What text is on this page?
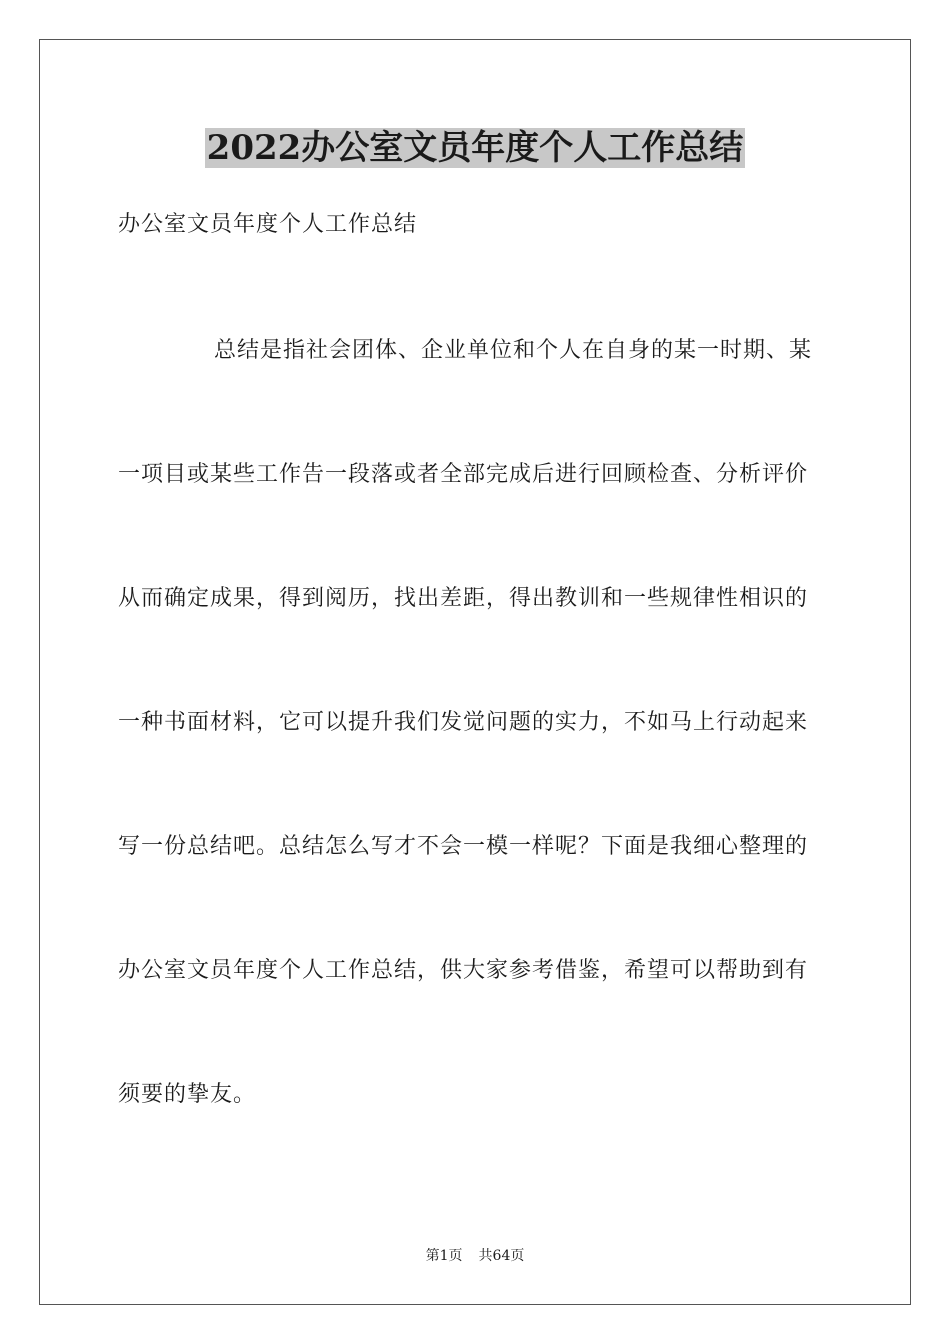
2022办公室文员年度个人工作总结
办公室文员年度个人工作总结
总结是指社会团体、企业单位和个人在自身的某一时期、某
一项目或某些工作告一段落或者全部完成后进行回顾检查、分析评价
从而确定成果，得到阅历，找出差距，得出教训和一些规律性相识的
一种书面材料，它可以提升我们发觉问题的实力，不如马上行动起来
写一份总结吧。总结怎么写才不会一模一样呢？下面是我细心整理的
办公室文员年度个人工作总结，供大家参考借鉴，希望可以帮助到有
须要的挚友。
第1页 共64页
